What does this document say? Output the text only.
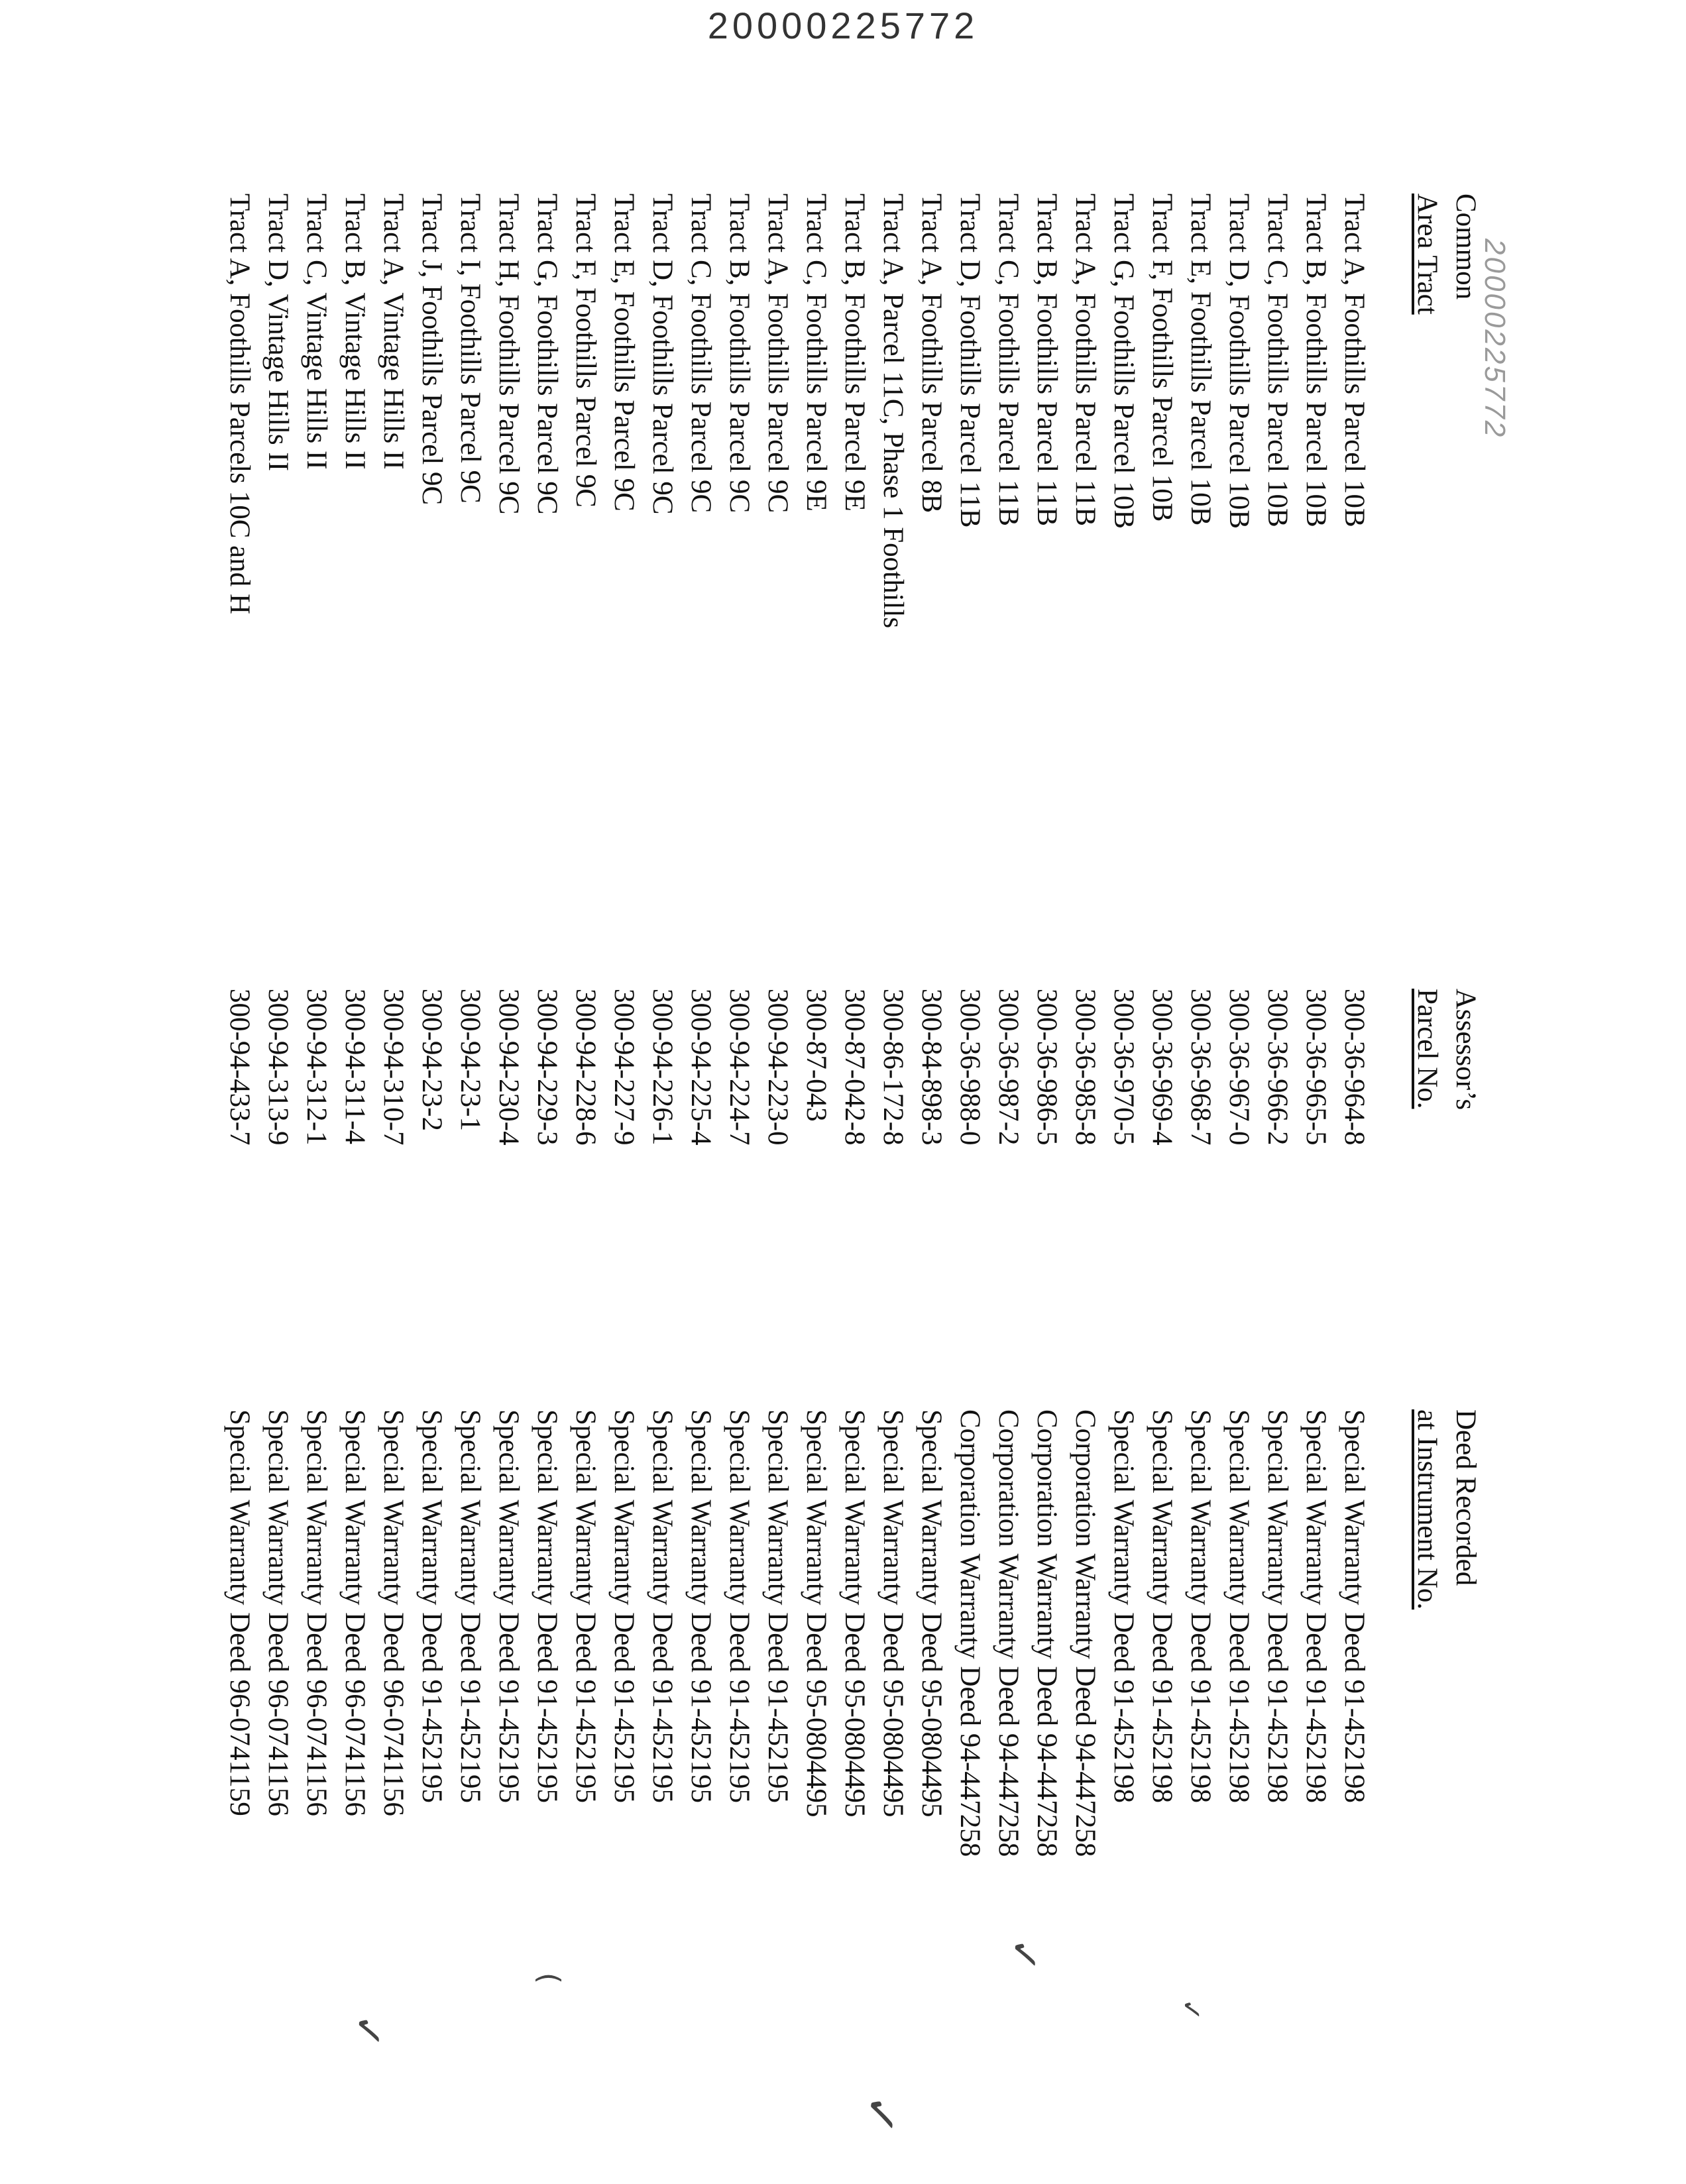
20000225772
20000225772
Common
Area Tract
Assessor’s
Parcel No.
Deed Recorded
at Instrument No.
Tract A, Foothills Parcel 10B
300-36-964-8
Special Warranty Deed 91-452198
Tract B, Foothills Parcel 10B
300-36-965-5
Special Warranty Deed 91-452198
Tract C, Foothills Parcel 10B
300-36-966-2
Special Warranty Deed 91-452198
Tract D, Foothills Parcel 10B
300-36-967-0
Special Warranty Deed 91-452198
Tract E, Foothills Parcel 10B
300-36-968-7
Special Warranty Deed 91-452198
Tract F, Foothills Parcel 10B
300-36-969-4
Special Warranty Deed 91-452198
Tract G, Foothills Parcel 10B
300-36-970-5
Special Warranty Deed 91-452198
Tract A, Foothills Parcel 11B
300-36-985-8
Corporation Warranty Deed 94-447258
Tract B, Foothills Parcel 11B
300-36-986-5
Corporation Warranty Deed 94-447258
Tract C, Foothills Parcel 11B
300-36-987-2
Corporation Warranty Deed 94-447258
Tract D, Foothills Parcel 11B
300-36-988-0
Corporation Warranty Deed 94-447258
Tract A, Foothills Parcel 8B
300-84-898-3
Special Warranty Deed 95-0804495
Tract A, Parcel 11C, Phase 1 Foothills
300-86-172-8
Special Warranty Deed 95-0804495
Tract B, Foothills Parcel 9E
300-87-042-8
Special Warranty Deed 95-0804495
Tract C, Foothills Parcel 9E
300-87-043
Special Warranty Deed 95-0804495
Tract A, Foothills Parcel 9C
300-94-223-0
Special Warranty Deed 91-452195
Tract B, Foothills Parcel 9C
300-94-224-7
Special Warranty Deed 91-452195
Tract C, Foothills Parcel 9C
300-94-225-4
Special Warranty Deed 91-452195
Tract D, Foothills Parcel 9C
300-94-226-1
Special Warranty Deed 91-452195
Tract E, Foothills Parcel 9C
300-94-227-9
Special Warranty Deed 91-452195
Tract F, Foothills Parcel 9C
300-94-228-6
Special Warranty Deed 91-452195
Tract G, Foothills Parcel 9C
300-94-229-3
Special Warranty Deed 91-452195
Tract H, Foothills Parcel 9C
300-94-230-4
Special Warranty Deed 91-452195
Tract I, Foothills Parcel 9C
300-94-23-1
Special Warranty Deed 91-452195
Tract J, Foothills Parcel 9C
300-94-23-2
Special Warranty Deed 91-452195
Tract A, Vintage Hills II
300-94-310-7
Special Warranty Deed 96-0741156
Tract B, Vintage Hills II
300-94-311-4
Special Warranty Deed 96-0741156
Tract C, Vintage Hills II
300-94-312-1
Special Warranty Deed 96-0741156
Tract D, Vintage Hills II
300-94-313-9
Special Warranty Deed 96-0741156
Tract A, Foothills Parcels 10C and H
300-94-433-7
Special Warranty Deed 96-0741159
✓
✓
✓
(
✓
